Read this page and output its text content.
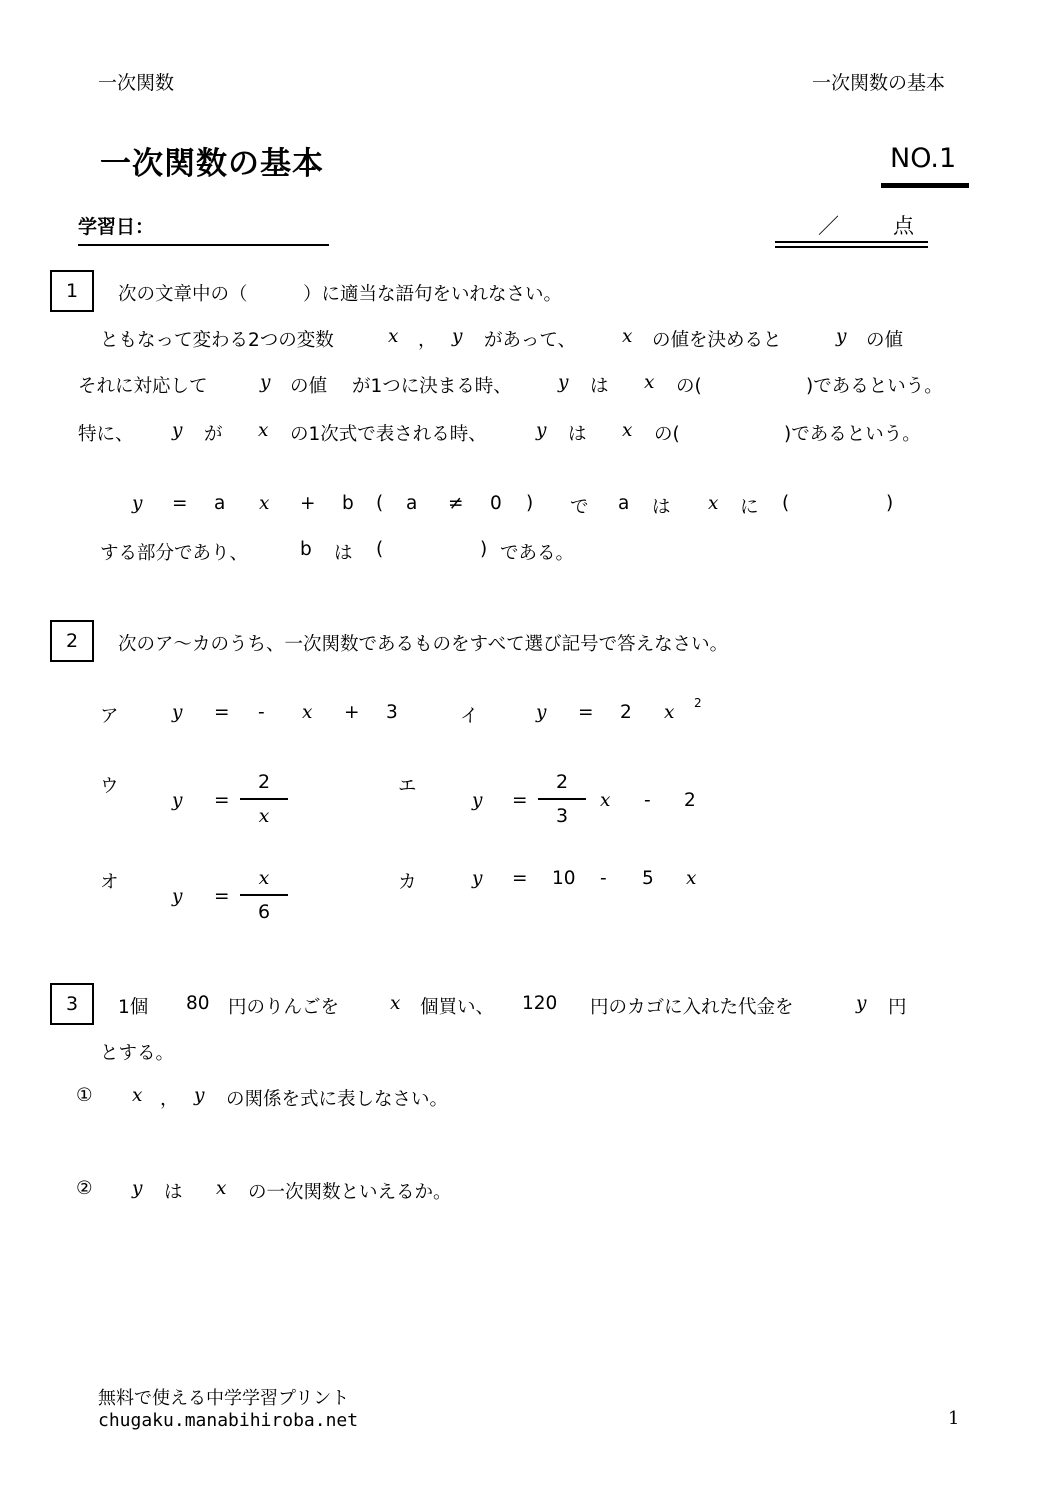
一次関数	一次関数の基本
一次関数の基本	NO.1
学習日：	／	点
1	次の文章中の（　　　）に適当な語句をいれなさい。
ともなって変わる2つの変数	x ， y があって、 x の値を決めると	y の値
それに対応して	y の値 が1つに決まる時、 y は x の(	)であるという。
特に、 y が x の1次式で表される時、	y は x の(	)であるという。
y = a x + b ( a ≠ 0 ) で a は x に (	)
する部分であり、	b は (	) である。
2	次のア～カのうち、一次関数であるものをすべて選び記号で答えなさい。
ア	y = - x + 3	イ	y = 2 x 2
ウ
y =
2
x
エ
y =
2
3
x - 2
オ
y =
x
6
カ	y = 10 - 5 x
3	1個 80 円のりんごを	x 個買い、 120 円のカゴに入れた代金を	y 円
とする。
① x ， y の関係を式に表しなさい。
② y は x の一次関数といえるか。
無料で使える中学学習プリント
chugaku.manabihiroba.net	1
